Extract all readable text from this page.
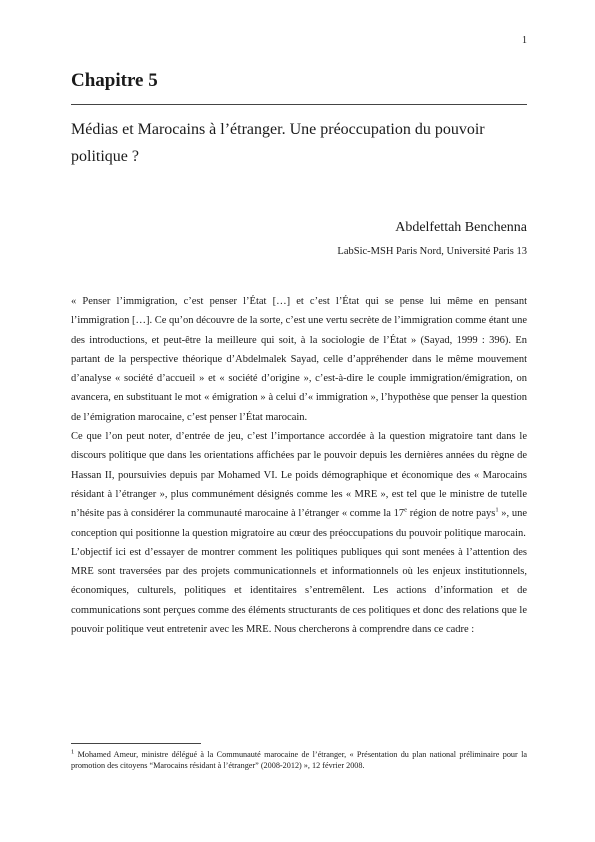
1
Chapitre 5
Médias et Marocains à l’étranger. Une préoccupation du pouvoir politique ?
Abdelfettah Benchenna
LabSic-MSH Paris Nord, Université Paris 13

« Penser l’immigration, c’est penser l’État […] et c’est l’État qui se pense lui même en pensant l’immigration […]. Ce qu’on découvre de la sorte, c’est une vertu secrète de l’immigration comme étant une des introductions, et peut-être la meilleure qui soit, à la sociologie de l’État » (Sayad, 1999 : 396). En partant de la perspective théorique d’Abdelmalek Sayad, celle d’appréhender dans le même mouvement d’analyse « société d’accueil » et « société d’origine », c’est-à-dire le couple immigration/émigration, on avancera, en substituant le mot « émigration » à celui d’« immigration », l’hypothèse que penser la question de l’émigration marocaine, c’est penser l’État marocain.

Ce que l’on peut noter, d’entrée de jeu, c’est l’importance accordée à la question migratoire tant dans le discours politique que dans les orientations affichées par le pouvoir depuis les dernières années du règne de Hassan II, poursuivies depuis par Mohamed VI. Le poids démographique et économique des « Marocains résidant à l’étranger », plus communément désignés comme les « MRE », est tel que le ministre de tutelle n’hésite pas à considérer la communauté marocaine à l’étranger « comme la 17e région de notre pays$^1$ », une conception qui positionne la question migratoire au cœur des préoccupations du pouvoir politique marocain.

L’objectif ici est d’essayer de montrer comment les politiques publiques qui sont menées à l’attention des MRE sont traversées par des projets communicationnels et informationnels où les enjeux institutionnels, économiques, culturels, politiques et identitaires s’entremêlent. Les actions d’information et de communications sont perçues comme des éléments structurants de ces politiques et donc des relations que le pouvoir politique veut entretenir avec les MRE. Nous chercherons à comprendre dans ce cadre :

$^1$ Mohamed Ameur, ministre délégué à la Communauté marocaine de l’étranger, « Présentation du plan national préliminaire pour la promotion des citoyens “Marocains résidant à l’étranger” (2008-2012) », 12 février 2008.
